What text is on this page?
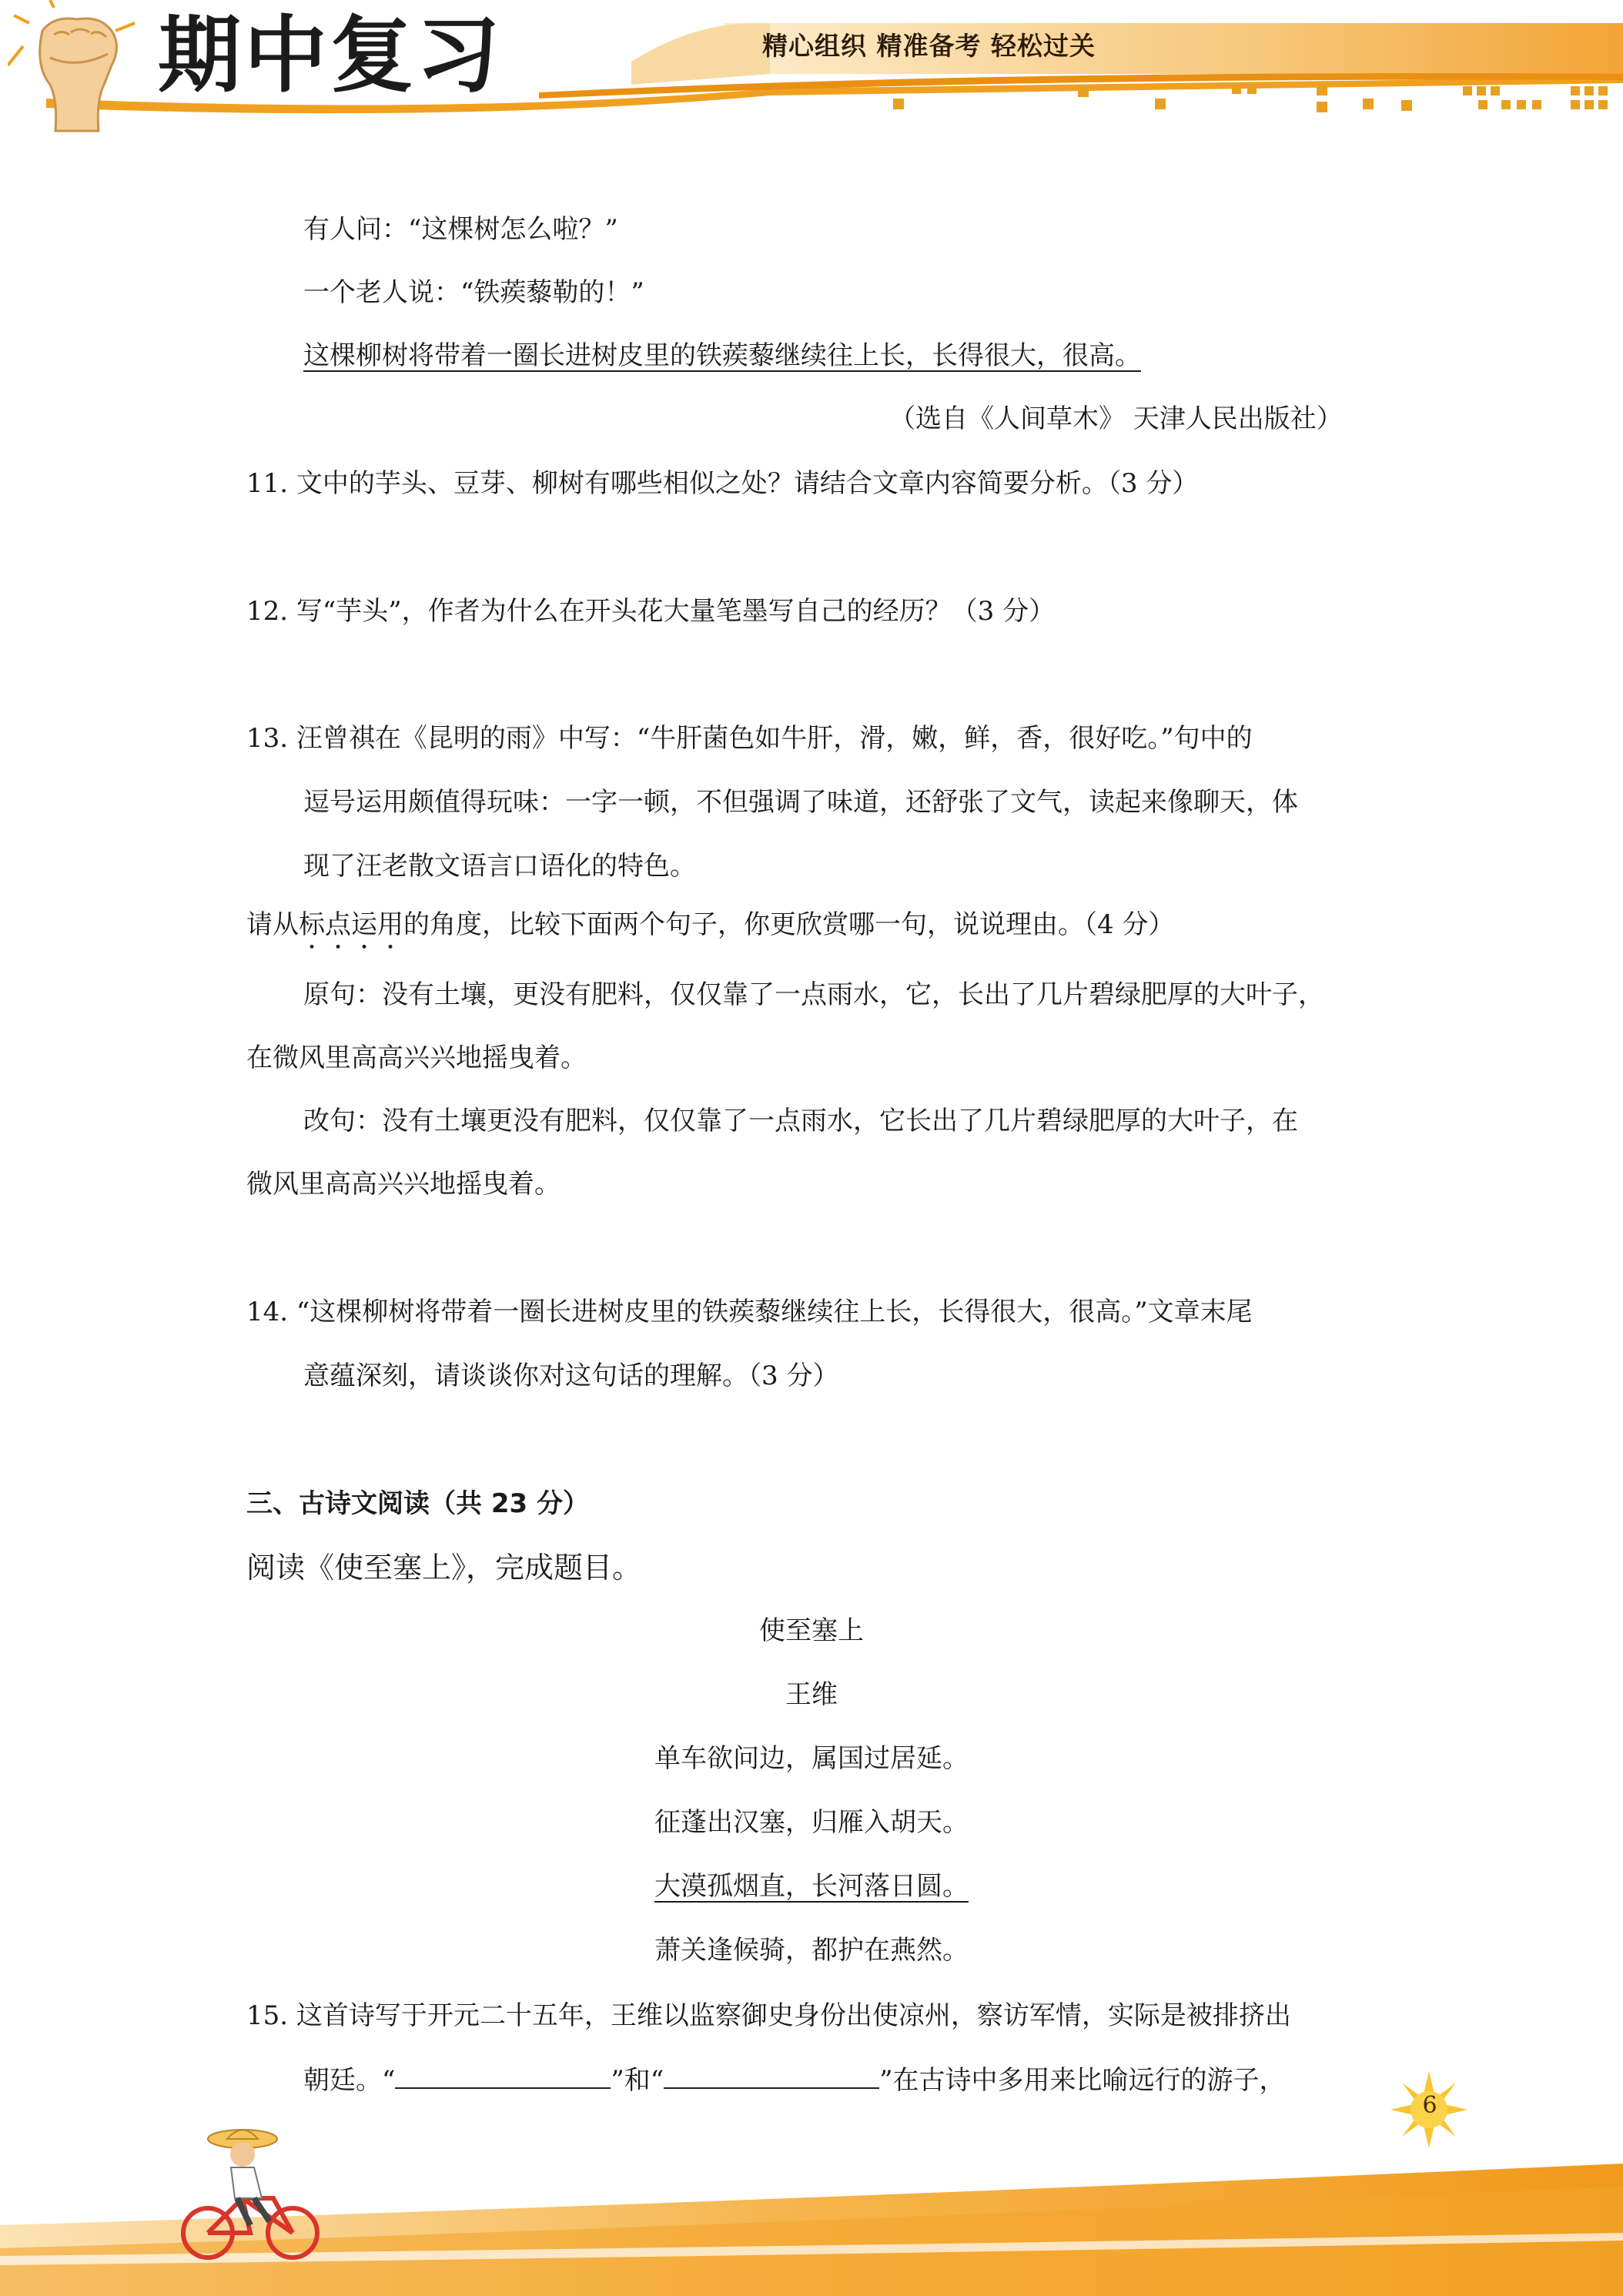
期中复习	精心组织 精准备考 轻松过关
有人问：“这棵树怎么啦？”
一个老人说：“铁蒺藜勒的！”
这棵柳树将带着一圈长进树皮里的铁蒺藜继续往上长，长得很大，很高。
（选自《人间草木》 天津人民出版社）
11. 文中的芋头、豆芽、柳树有哪些相似之处？请结合文章内容简要分析。（3 分）
12. 写“芋头”，作者为什么在开头花大量笔墨写自己的经历？（3 分）
13. 汪曾祺在《昆明的雨》中写：“牛肝菌色如牛肝，滑，嫩，鲜，香，很好吃。”句中的
逗号运用颇值得玩味：一字一顿，不但强调了味道，还舒张了文气，读起来像聊天，体
现了汪老散文语言口语化的特色。
请从标点运用的角度，比较下面两个句子，你更欣赏哪一句，说说理由。（4 分）
原句：没有土壤，更没有肥料，仅仅靠了一点雨水，它，长出了几片碧绿肥厚的大叶子，
在微风里高高兴兴地摇曳着。
改句：没有土壤更没有肥料，仅仅靠了一点雨水，它长出了几片碧绿肥厚的大叶子，在
微风里高高兴兴地摇曳着。
14. “这棵柳树将带着一圈长进树皮里的铁蒺藜继续往上长，长得很大，很高。”文章末尾
意蕴深刻，请谈谈你对这句话的理解。（3 分）
三、古诗文阅读（共 23 分）
阅读《使至塞上》，完成题目。
使至塞上
王维
单车欲问边，属国过居延。
征蓬出汉塞，归雁入胡天。
大漠孤烟直，长河落日圆。
萧关逢候骑，都护在燕然。
15. 这首诗写于开元二十五年，王维以监察御史身份出使凉州，察访军情，实际是被排挤出
朝廷。“	”和“	”在古诗中多用来比喻远行的游子，
6
